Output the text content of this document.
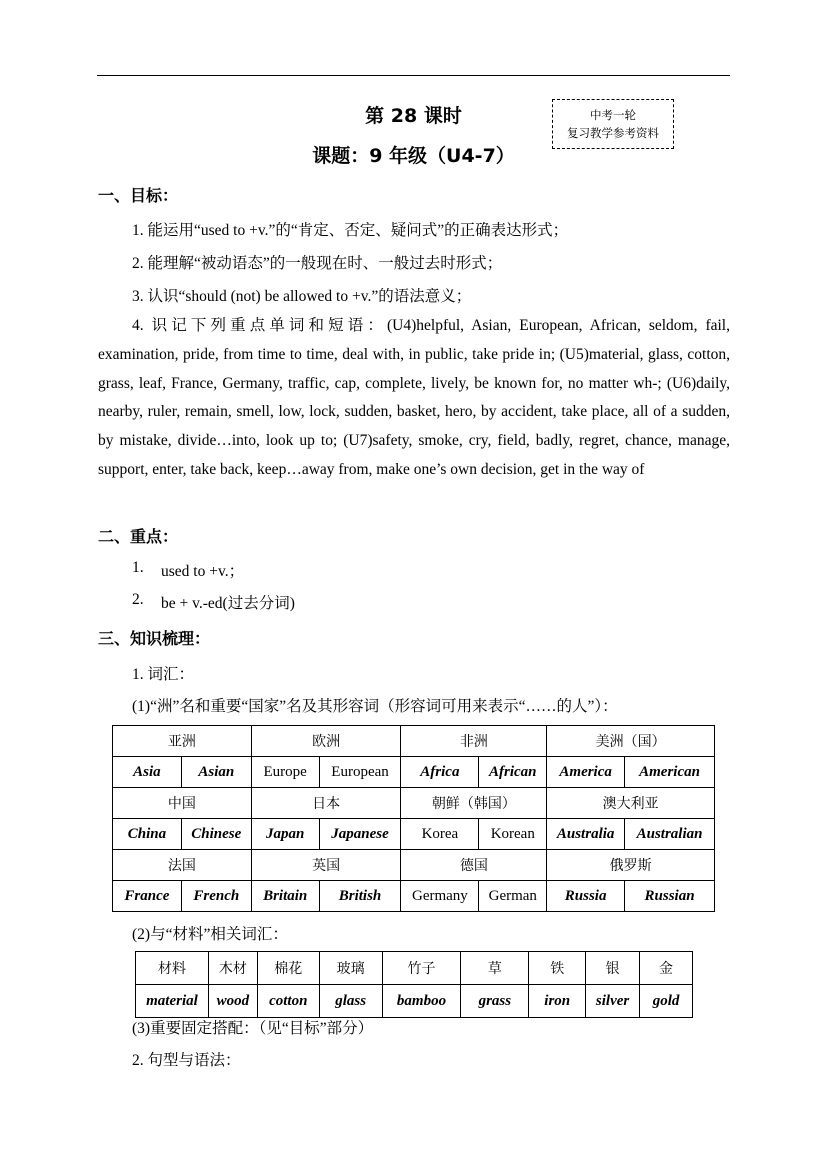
第 28 课时
课题：9 年级（U4-7）
中考一轮
复习教学参考资料
一、目标：
1. 能运用“used to +v.”的“肯定、否定、疑问式”的正确表达形式；
2. 能理解“被动语态”的一般现在时、一般过去时形式；
3. 认识“should (not) be allowed to +v.”的语法意义；
4. 识记下列重点单词和短语：(U4)helpful, Asian, European, African, seldom, fail, examination, pride, from time to time, deal with, in public, take pride in; (U5)material, glass, cotton, grass, leaf, France, Germany, traffic, cap, complete, lively, be known for, no matter wh-; (U6)daily, nearby, ruler, remain, smell, low, lock, sudden, basket, hero, by accident, take place, all of a sudden, by mistake, divide…into, look up to; (U7)safety, smoke, cry, field, badly, regret, chance, manage, support, enter, take back, keep…away from, make one’s own decision, get in the way of
二、重点：
1. used to +v.；
2. be + v.-ed(过去分词)
三、知识梳理：
1. 词汇：
(1)“洲”名和重要“国家”名及其形容词（形容词可用来表示“……的人”）：
亚洲		欧洲		非洲		美洲（国）	
Asia	Asian	Europe	European	Africa	African	America	American
中国		日本		朝鲜（韩国）		澳大利亚	
China	Chinese	Japan	Japanese	Korea	Korean	Australia	Australian
法国		英国		德国		俄罗斯	
France	French	Britain	British	Germany	German	Russia	Russian
(2)与“材料”相关词汇：
材料	木材	棉花	玻璃	竹子	草	铁	银	金
material	wood	cotton	glass	bamboo	grass	iron	silver	gold
(3)重要固定搭配：（见“目标”部分）
2. 句型与语法：
